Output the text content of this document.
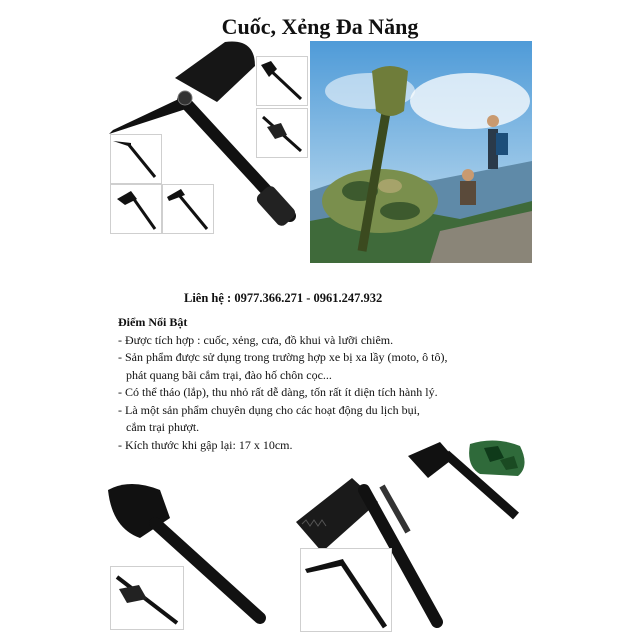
Cuốc, Xẻng Đa Năng
Liên hệ : 0977.366.271 - 0961.247.932
Điểm Nổi Bật
- Được tích hợp : cuốc, xẻng, cưa, đồ khui và lưỡi chiêm.
- Sản phẩm được sử dụng trong trường hợp xe bị xa lầy (moto, ô tô),
phát quang bãi cắm trại, đào hố chôn cọc...
- Có thể tháo (lắp), thu nhỏ rất dễ dàng, tốn rất ít diện tích hành lý.
- Là một sản phẩm chuyên dụng cho các hoạt động du lịch bụi,
cắm trại phượt.
- Kích thước khi gập lại: 17 x 10cm.
